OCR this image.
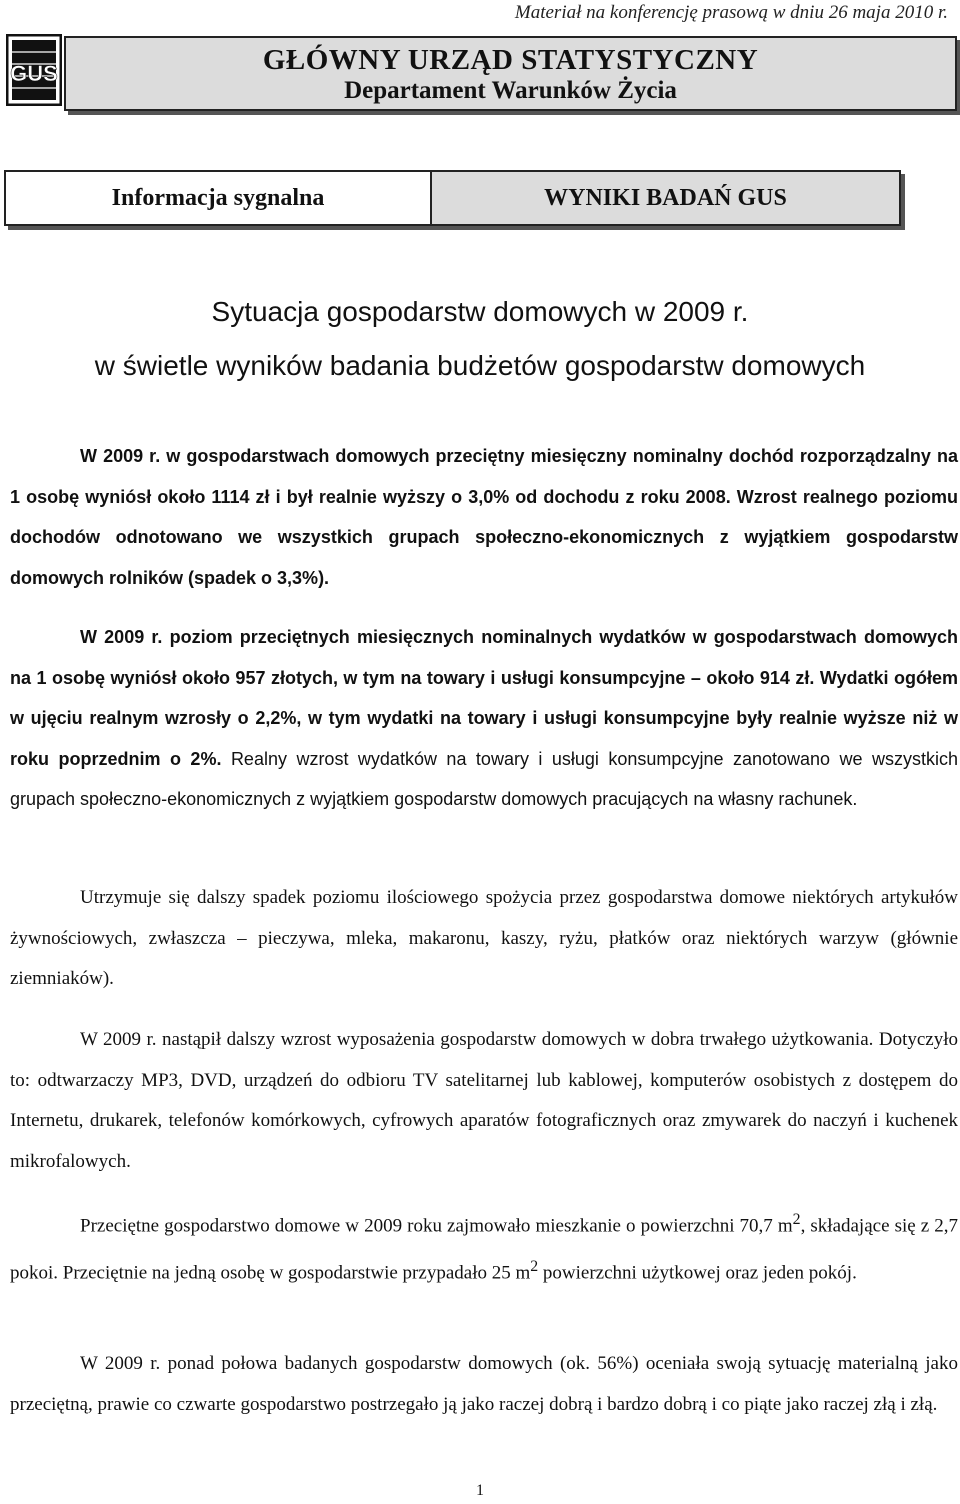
Materiał na konferencję prasową w dniu 26 maja 2010 r.
GUS	GŁÓWNY URZĄD STATYSTYCZNY
Departament Warunków Życia
Informacja sygnalna	WYNIKI BADAŃ GUS
Sytuacja gospodarstw domowych w 2009 r.
w świetle wyników badania budżetów gospodarstw domowych

W 2009 r. w gospodarstwach domowych przeciętny miesięczny nominalny dochód rozporządzalny na 1 osobę wyniósł około 1114 zł i był realnie wyższy o 3,0% od dochodu z roku 2008. Wzrost realnego poziomu dochodów odnotowano we wszystkich grupach społeczno-ekonomicznych z wyjątkiem gospodarstw domowych rolników (spadek o 3,3%).

W 2009 r. poziom przeciętnych miesięcznych nominalnych wydatków w gospodarstwach domowych na 1 osobę wyniósł około 957 złotych, w tym na towary i usługi konsumpcyjne – około 914 zł. Wydatki ogółem w ujęciu realnym wzrosły o 2,2%, w tym wydatki na towary i usługi konsumpcyjne były realnie wyższe niż w roku poprzednim o 2%. Realny wzrost wydatków na towary i usługi konsumpcyjne zanotowano we wszystkich grupach społeczno-ekonomicznych z wyjątkiem gospodarstw domowych pracujących na własny rachunek.

Utrzymuje się dalszy spadek poziomu ilościowego spożycia przez gospodarstwa domowe niektórych artykułów żywnościowych, zwłaszcza – pieczywa, mleka, makaronu, kaszy, ryżu, płatków oraz niektórych warzyw (głównie ziemniaków).

W 2009 r. nastąpił dalszy wzrost wyposażenia gospodarstw domowych w dobra trwałego użytkowania. Dotyczyło to: odtwarzaczy MP3, DVD, urządzeń do odbioru TV satelitarnej lub kablowej, komputerów osobistych z dostępem do Internetu, drukarek, telefonów komórkowych, cyfrowych aparatów fotograficznych oraz zmywarek do naczyń i kuchenek mikrofalowych.

Przeciętne gospodarstwo domowe w 2009 roku zajmowało mieszkanie o powierzchni 70,7 $m^2$, składające się z 2,7 pokoi. Przeciętnie na jedną osobę w gospodarstwie przypadało 25 $m^2$ powierzchni użytkowej oraz jeden pokój.

W 2009 r. ponad połowa badanych gospodarstw domowych (ok. 56%) oceniała swoją sytuację materialną jako przeciętną, prawie co czwarte gospodarstwo postrzegało ją jako raczej dobrą i bardzo dobrą i co piąte jako raczej złą i złą.

1
